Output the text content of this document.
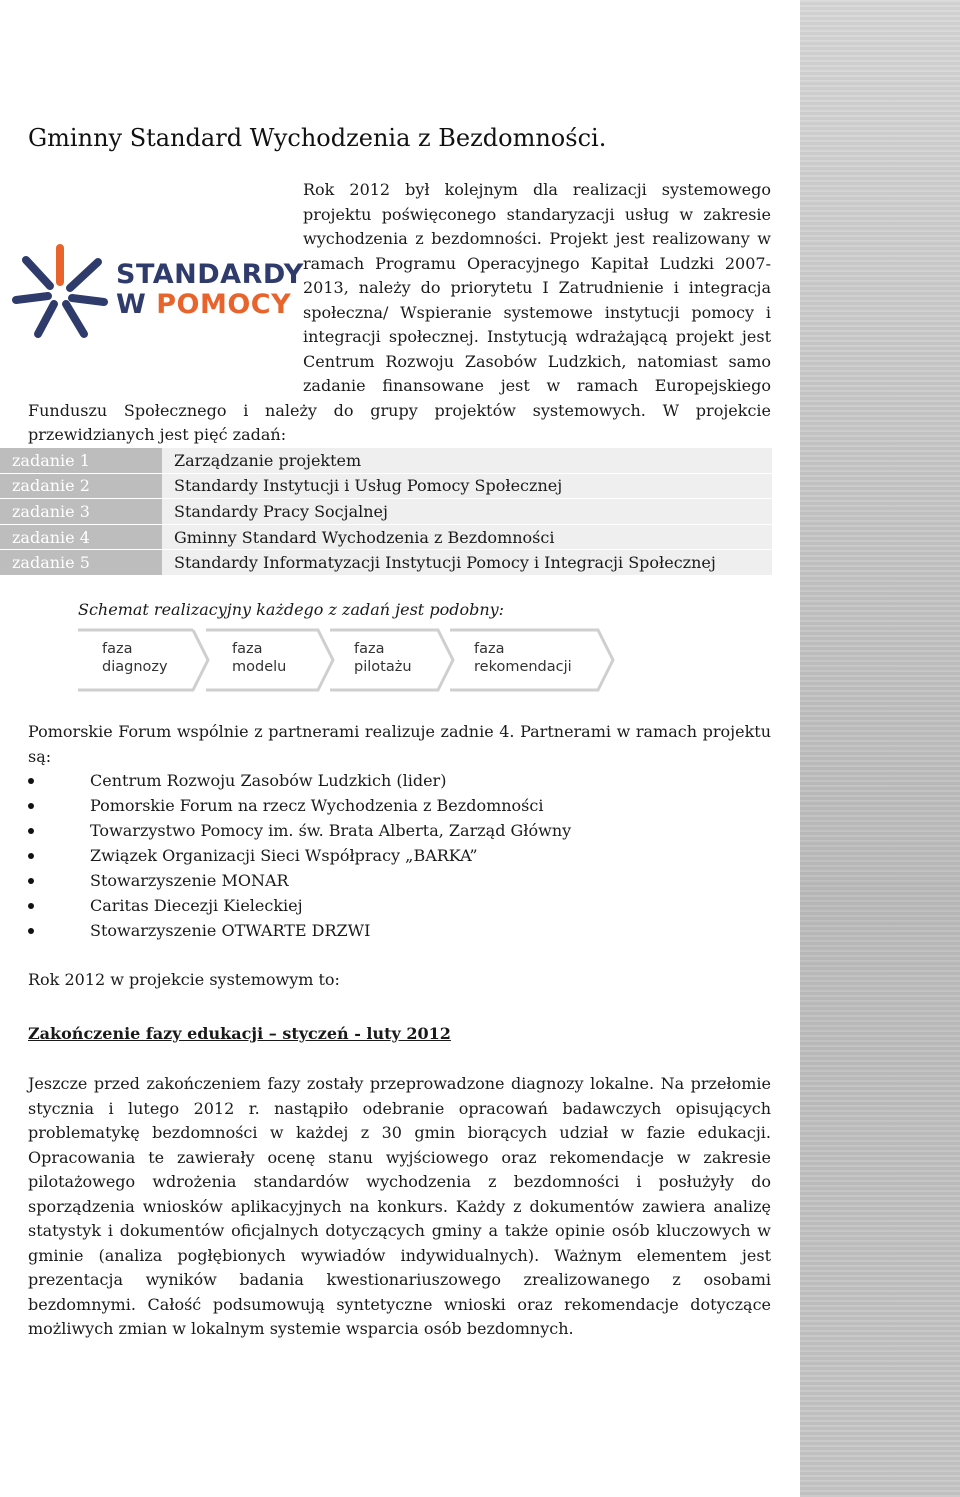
Gminny Standard Wychodzenia z Bezdomności.
STANDARDY
W POMOCY
Rok 2012 był kolejnym dla realizacji systemowego projektu poświęconego standaryzacji usług w zakresie wychodzenia z bezdomności. Projekt jest realizowany w ramach Programu Operacyjnego Kapitał Ludzki 2007-2013, należy do priorytetu I Zatrudnienie i integracja społeczna/ Wspieranie systemowe instytucji pomocy i integracji społecznej. Instytucją wdrażającą projekt jest Centrum Rozwoju Zasobów Ludzkich, natomiast samo zadanie finansowane jest w ramach Europejskiego Funduszu Społecznego i należy do grupy projektów systemowych. W projekcie przewidzianych jest pięć zadań:
zadanie 1	Zarządzanie projektem
zadanie 2	Standardy Instytucji i Usług Pomocy Społecznej
zadanie 3	Standardy Pracy Socjalnej
zadanie 4	Gminny Standard Wychodzenia z Bezdomności
zadanie 5	Standardy Informatyzacji Instytucji Pomocy i Integracji Społecznej

Schemat realizacyjny każdego z zadań jest podobny:

faza
diagnozy
faza
modelu
faza
pilotażu
faza
rekomendacji

Pomorskie Forum wspólnie z partnerami realizuje zadnie 4. Partnerami w ramach projektu są:

Centrum Rozwoju Zasobów Ludzkich (lider)
Pomorskie Forum na rzecz Wychodzenia z Bezdomności
Towarzystwo Pomocy im. św. Brata Alberta, Zarząd Główny
Związek Organizacji Sieci Współpracy „BARKA”
Stowarzyszenie MONAR
Caritas Diecezji Kieleckiej
Stowarzyszenie OTWARTE DRZWI

Rok 2012 w projekcie systemowym to:

Zakończenie fazy edukacji – styczeń - luty 2012

Jeszcze przed zakończeniem fazy zostały przeprowadzone diagnozy lokalne. Na przełomie stycznia i lutego 2012 r. nastąpiło odebranie opracowań badawczych opisujących problematykę bezdomności w każdej z 30 gmin biorących udział w fazie edukacji. Opracowania te zawierały ocenę stanu wyjściowego oraz rekomendacje w zakresie pilotażowego wdrożenia standardów wychodzenia z bezdomności i posłużyły do sporządzenia wniosków aplikacyjnych na konkurs. Każdy z dokumentów zawiera analizę statystyk i dokumentów oficjalnych dotyczących gminy a także opinie osób kluczowych w gminie (analiza pogłębionych wywiadów indywidualnych). Ważnym elementem jest prezentacja wyników badania kwestionariuszowego zrealizowanego z osobami bezdomnymi. Całość podsumowują syntetyczne wnioski oraz rekomendacje dotyczące możliwych zmian w lokalnym systemie wsparcia osób bezdomnych.
